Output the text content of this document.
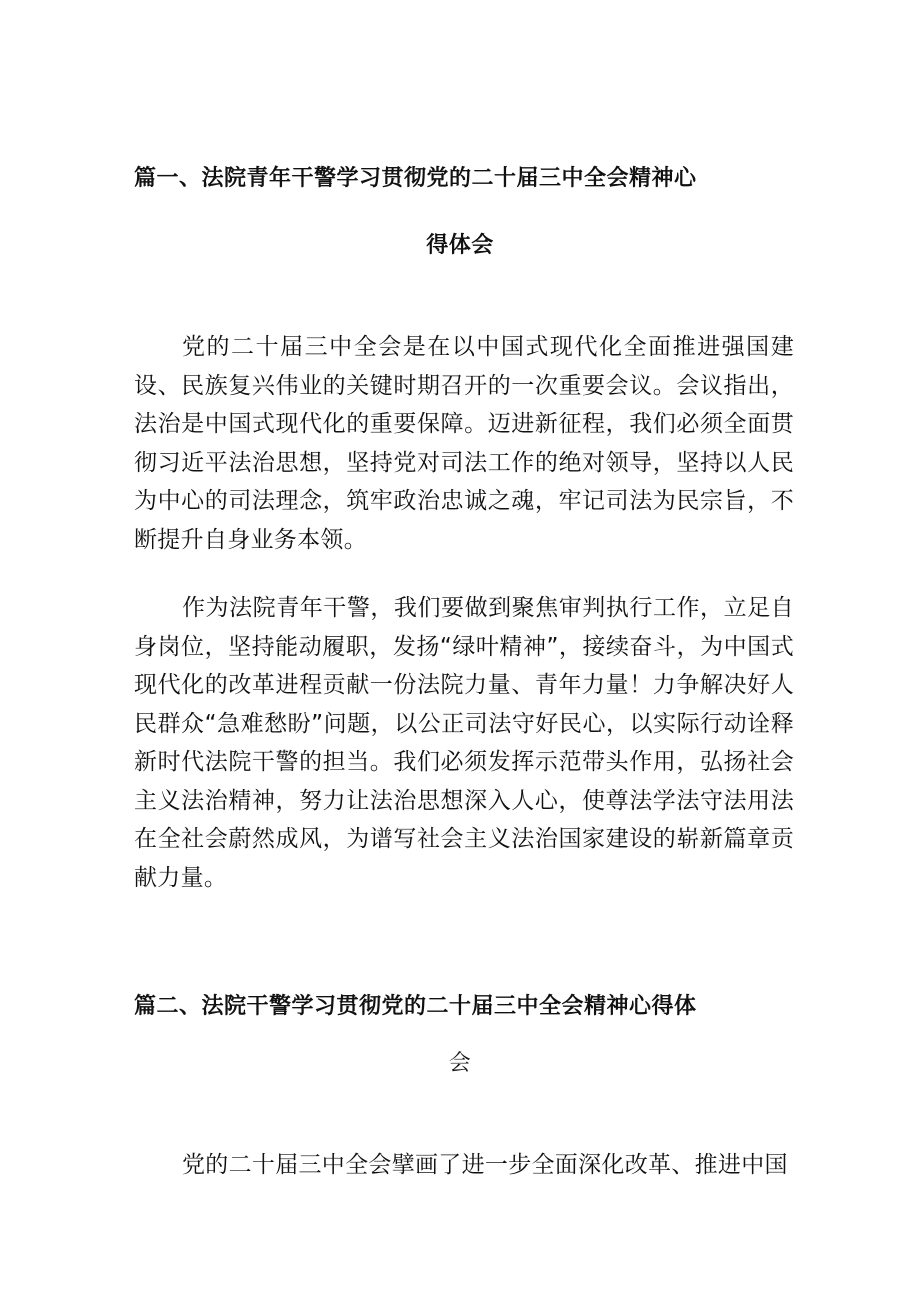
篇一、法院青年干警学习贯彻党的二十届三中全会精神心
得体会

党的二十届三中全会是在以中国式现代化全面推进强国建设、民族复兴伟业的关键时期召开的一次重要会议。会议指出，法治是中国式现代化的重要保障。迈进新征程，我们必须全面贯彻习近平法治思想，坚持党对司法工作的绝对领导，坚持以人民为中心的司法理念，筑牢政治忠诚之魂，牢记司法为民宗旨，不断提升自身业务本领。

作为法院青年干警，我们要做到聚焦审判执行工作，立足自身岗位，坚持能动履职，发扬“绿叶精神”，接续奋斗，为中国式现代化的改革进程贡献一份法院力量、青年力量！力争解决好人民群众“急难愁盼”问题，以公正司法守好民心，以实际行动诠释新时代法院干警的担当。我们必须发挥示范带头作用，弘扬社会主义法治精神，努力让法治思想深入人心，使尊法学法守法用法在全社会蔚然成风，为谱写社会主义法治国家建设的崭新篇章贡献力量。

篇二、法院干警学习贯彻党的二十届三中全会精神心得体
会

党的二十届三中全会擘画了进一步全面深化改革、推进中国
